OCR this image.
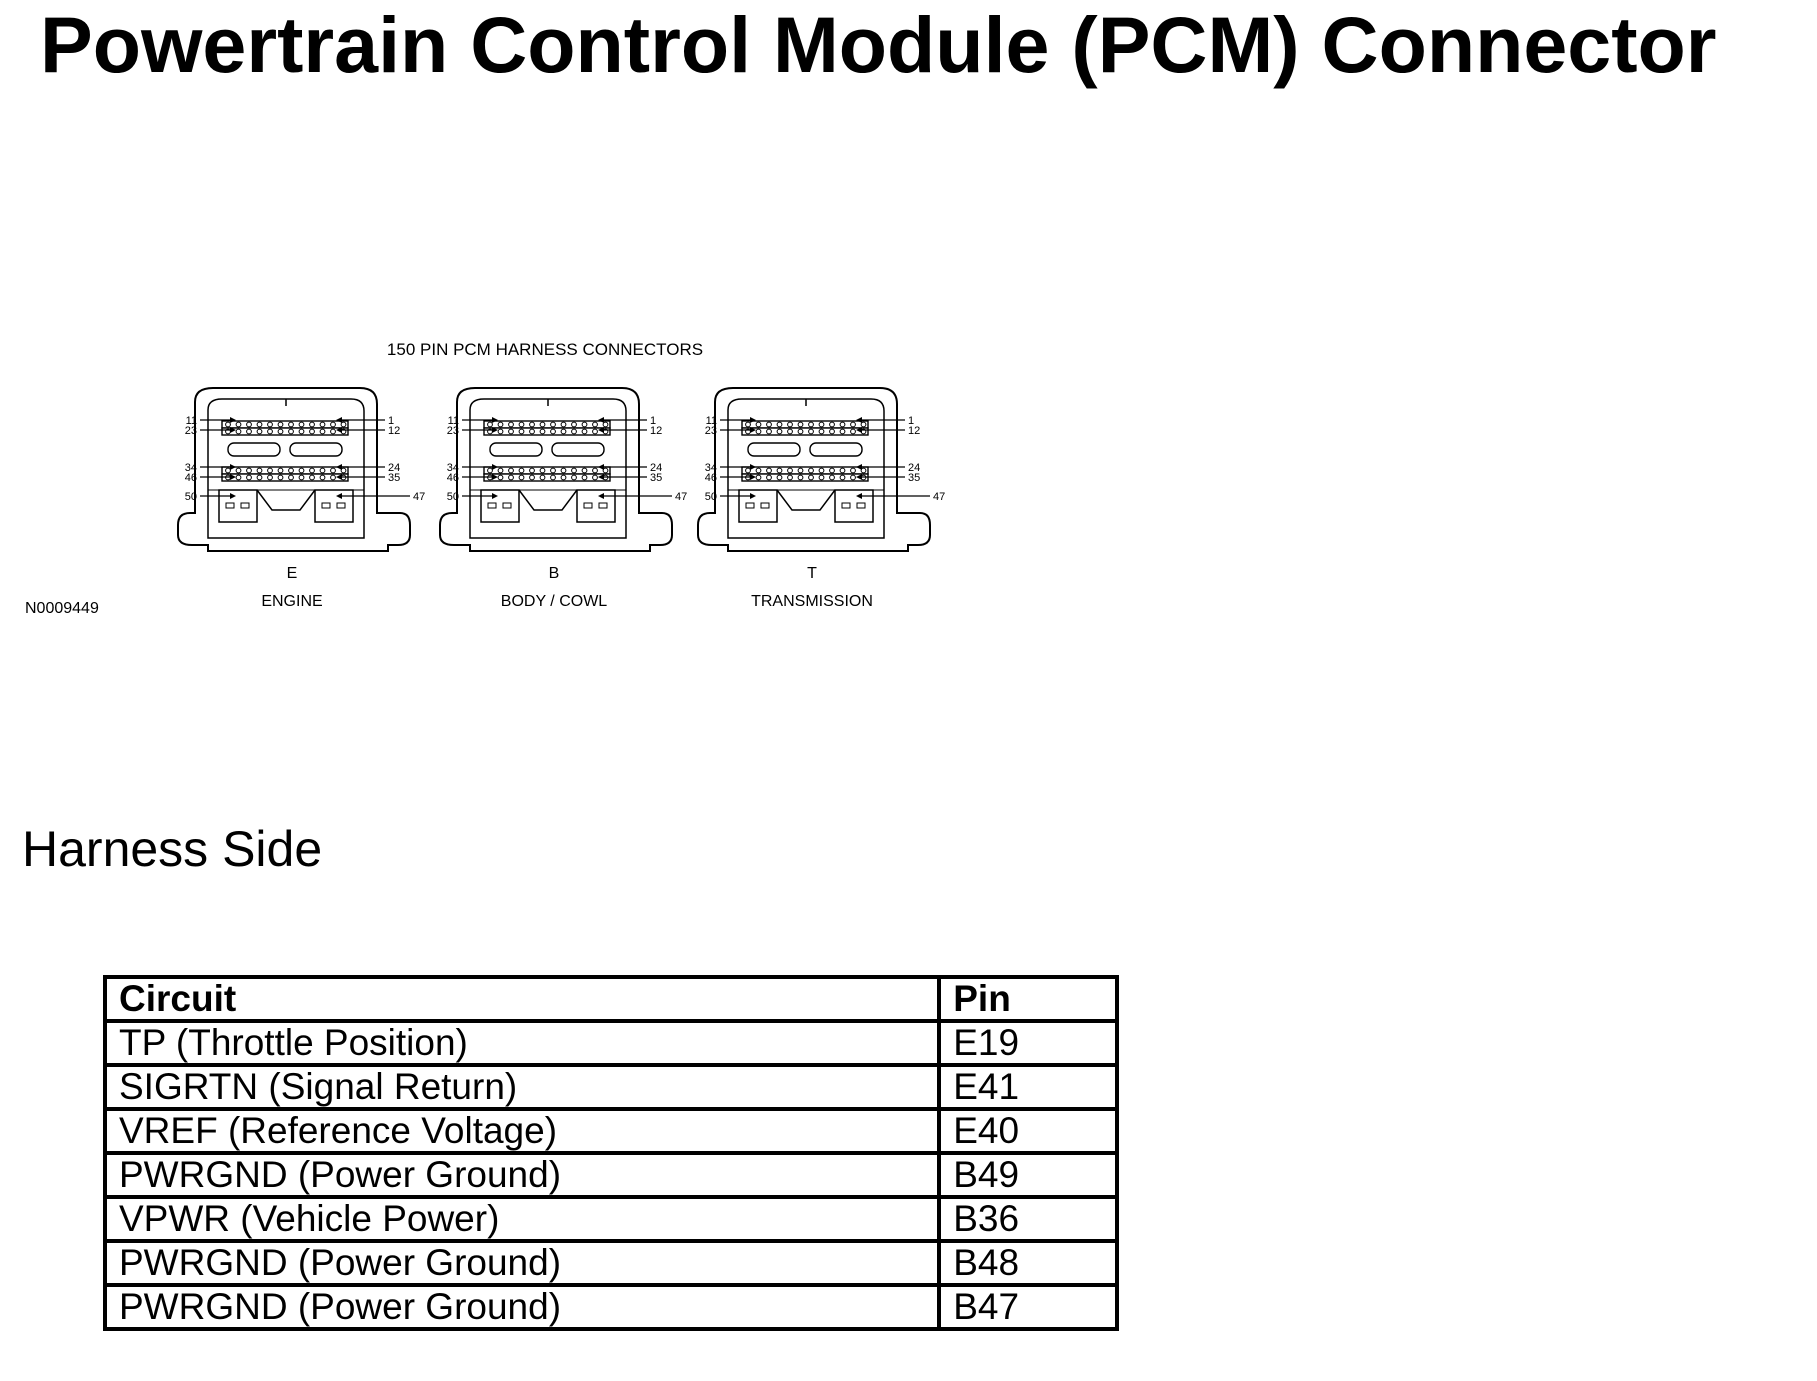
Powertrain Control Module (PCM) Connector
150 PIN PCM HARNESS CONNECTORS
11
23
34
46
50
1
12
24
35
47
E
ENGINE
11
23
34
46
50
1
12
24
35
47
B
BODY / COWL
11
23
34
46
50
1
12
24
35
47
T
TRANSMISSION
N0009449
Harness Side
Circuit	Pin
TP (Throttle Position)	E19
SIGRTN (Signal Return)	E41
VREF (Reference Voltage)	E40
PWRGND (Power Ground)	B49
VPWR (Vehicle Power)	B36
PWRGND (Power Ground)	B48
PWRGND (Power Ground)	B47
